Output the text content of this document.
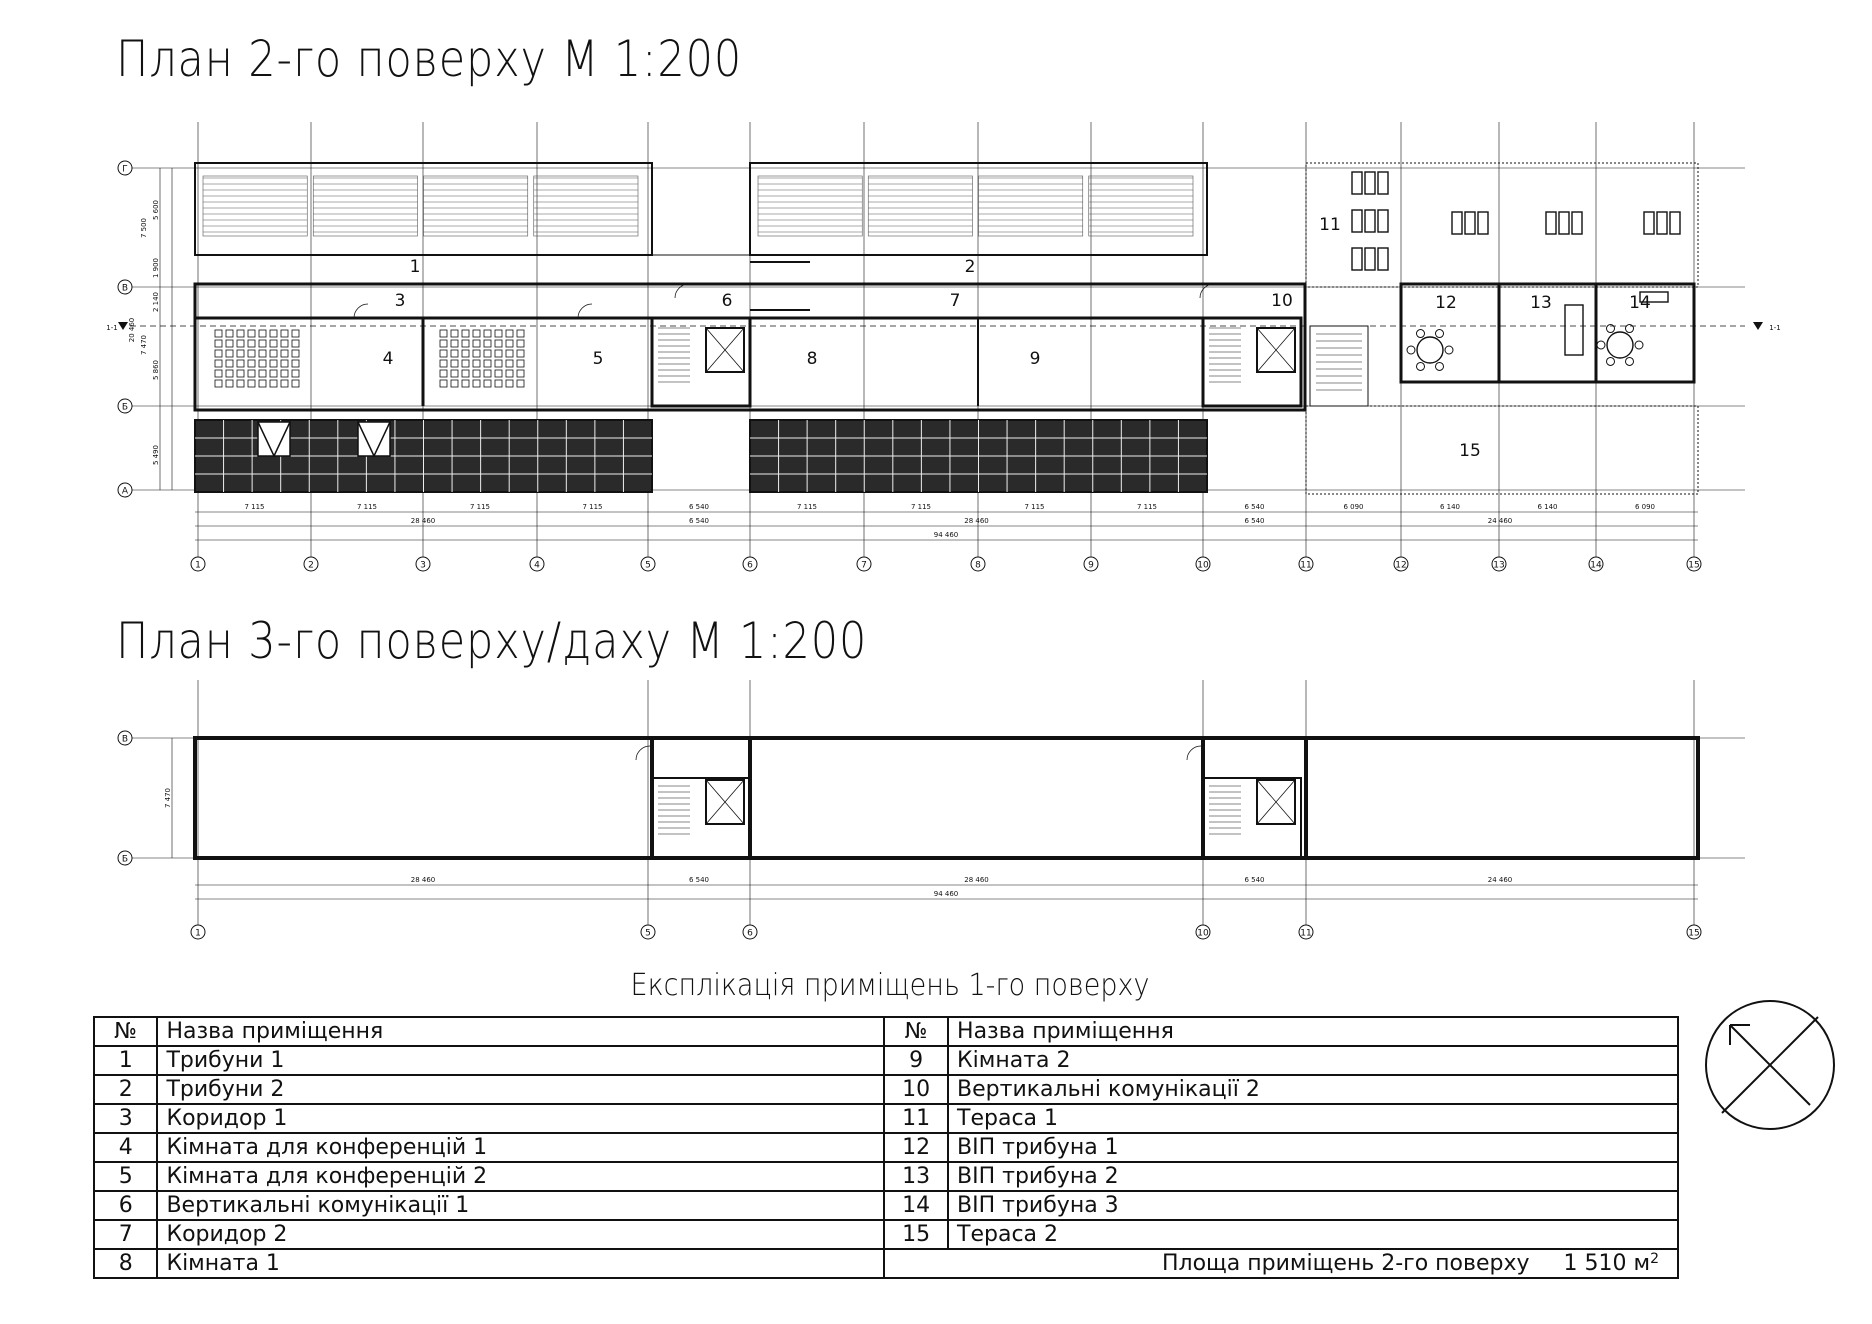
План 2-го поверху М 1:200
План 3-го поверху/даху М 1:200
1-1	1-1
1	2
3
4	5
6	7
8	9
10
11
12	13	14
15
1	2	3	4	5	6	7	8	9	10	11	12	13	14	15
Г
В
Б
А
7 115	7 115	7 115	7 115	6 540	7 115	7 115	7 115	7 115	6 540	6 090	6 140	6 140	6 090
28 460	6 540	28 460	6 540	24 460
94 460
5 600
1 900
7 500
2 140
7 470
5 860
20 460
5 490
1	5	6	10	11	15
В
Б
28 460	6 540	28 460	6 540	24 460
94 460
7 470
Експлікація приміщень 1-го поверху
№	Назва приміщення	№	Назва приміщення
1	Трибуни 1	9	Кімната 2
2	Трибуни 2	10	Вертикальні комунікації 2
3	Коридор 1	11	Тераса 1
4	Кімната для конференцій 1	12	ВІП трибуна 1
5	Кімната для конференцій 2	13	ВІП трибуна 2
6	Вертикальні комунікації 1	14	ВІП трибуна 3
7	Коридор 2	15	Тераса 2
8	Кімната 1	Площа приміщень 2-го поверху 1 510 $м^2$
